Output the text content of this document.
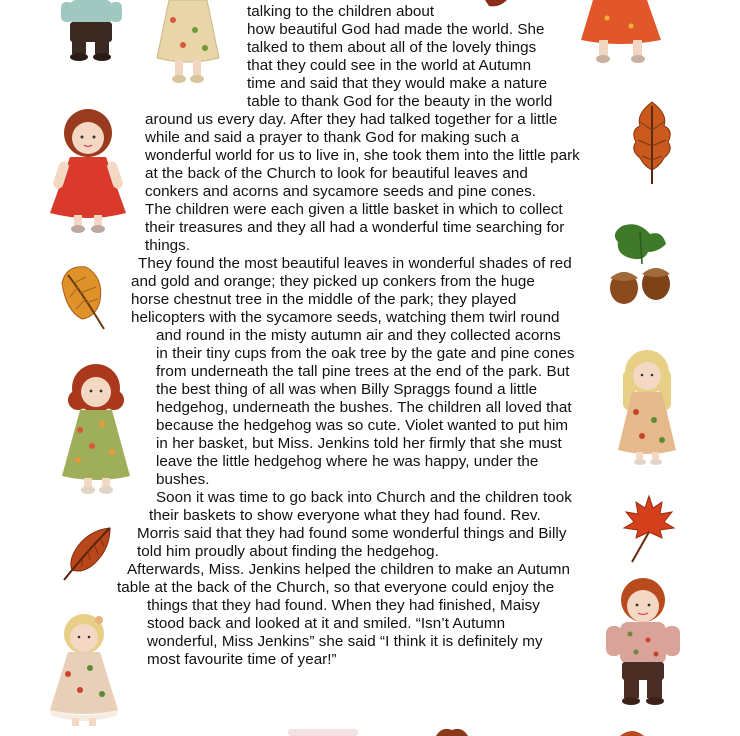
talking to the children about
how beautiful God had made the world. She
talked to them about all of the lovely things
that they could see in the world at Autumn
time and said that they would make a nature
table to thank God for the beauty in the world
around us every day. After they had talked together for a little
while and said a prayer to thank God for making such a
wonderful world for us to live in, she took them into the little park
at the back of the Church to look for beautiful leaves and
conkers and acorns and sycamore seeds and pine cones.
The children were each given a little basket in which to collect
their treasures and they all had a wonderful time searching for
things.
They found the most beautiful leaves in wonderful shades of red
and gold and orange; they picked up conkers from the huge
horse chestnut tree in the middle of the park; they played
helicopters with the sycamore seeds, watching them twirl round
and round in the misty autumn air and they collected acorns
in their tiny cups from the oak tree by the gate and pine cones
from underneath the tall pine trees at the end of the park. But
the best thing of all was when Billy Spraggs found a little
hedgehog, underneath the bushes. The children all loved that
because the hedgehog was so cute. Violet wanted to put him
in her basket, but Miss. Jenkins told her firmly that she must
leave the little hedgehog where he was happy, under the
bushes.
Soon it was time to go back into Church and the children took
their baskets to show everyone what they had found. Rev.
Morris said that they had found some wonderful things and Billy
told him proudly about finding the hedgehog.
Afterwards, Miss. Jenkins helped the children to make an Autumn
table at the back of the Church, so that everyone could enjoy the
things that they had found. When they had finished, Maisy
stood back and looked at it and smiled. “Isn’t Autumn
wonderful, Miss Jenkins” she said “I think it is definitely my
most favourite time of year!”
